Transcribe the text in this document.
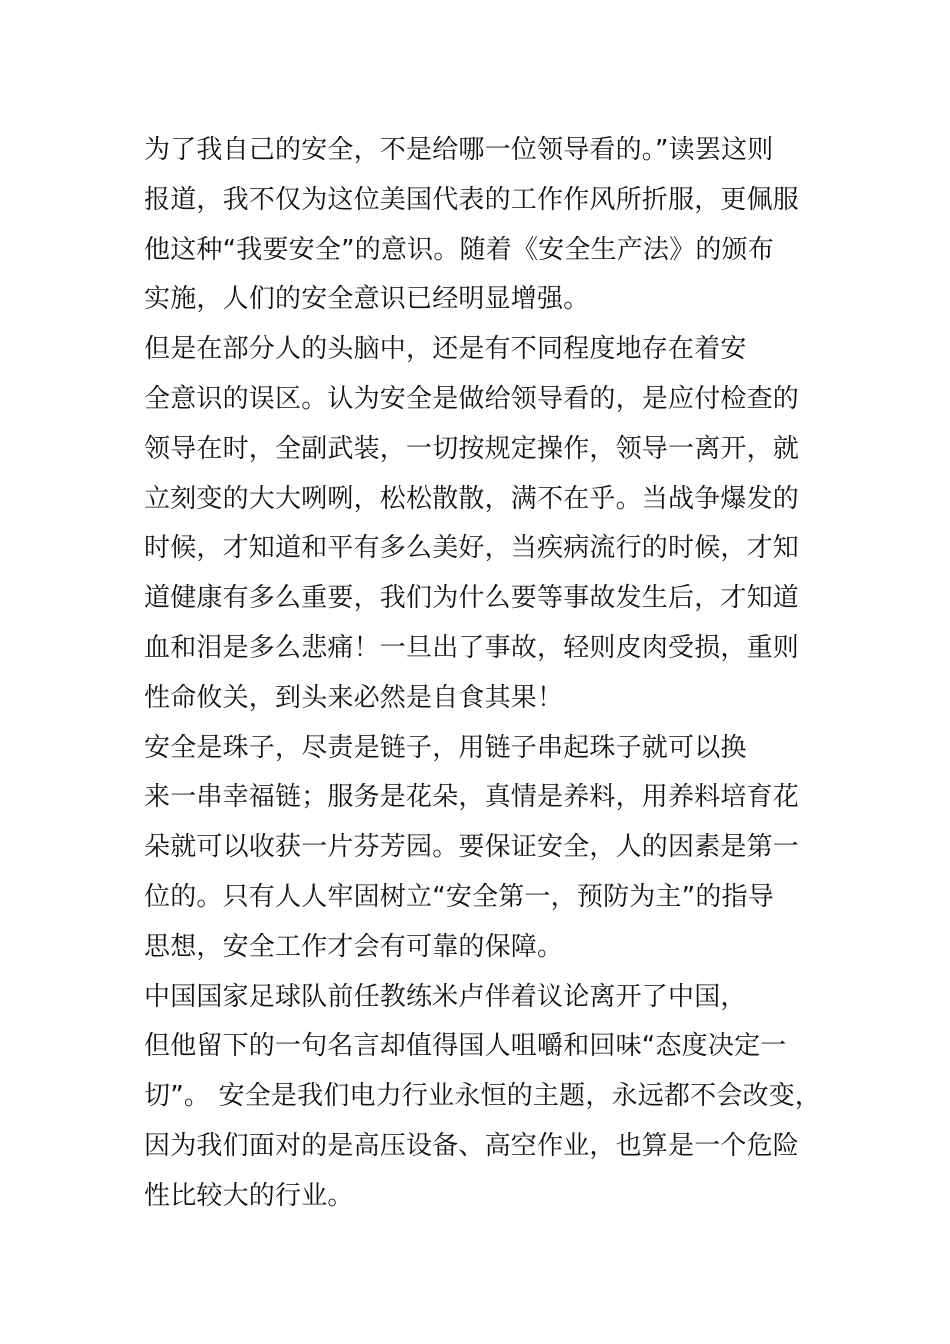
为了我自己的安全，不是给哪一位领导看的。”读罢这则
报道，我不仅为这位美国代表的工作作风所折服，更佩服
他这种“我要安全”的意识。随着《安全生产法》的颁布
实施，人们的安全意识已经明显增强。
但是在部分人的头脑中，还是有不同程度地存在着安
全意识的误区。认为安全是做给领导看的，是应付检查的
领导在时，全副武装，一切按规定操作，领导一离开，就
立刻变的大大咧咧，松松散散，满不在乎。当战争爆发的
时候，才知道和平有多么美好，当疾病流行的时候，才知
道健康有多么重要，我们为什么要等事故发生后，才知道
血和泪是多么悲痛！一旦出了事故，轻则皮肉受损，重则
性命攸关，到头来必然是自食其果！
安全是珠子，尽责是链子，用链子串起珠子就可以换
来一串幸福链；服务是花朵，真情是养料，用养料培育花
朵就可以收获一片芬芳园。要保证安全，人的因素是第一
位的。只有人人牢固树立“安全第一，预防为主”的指导
思想，安全工作才会有可靠的保障。
中国国家足球队前任教练米卢伴着议论离开了中国，
但他留下的一句名言却值得国人咀嚼和回味“态度决定一
切”。 安全是我们电力行业永恒的主题，永远都不会改变，
因为我们面对的是高压设备、高空作业，也算是一个危险
性比较大的行业。
